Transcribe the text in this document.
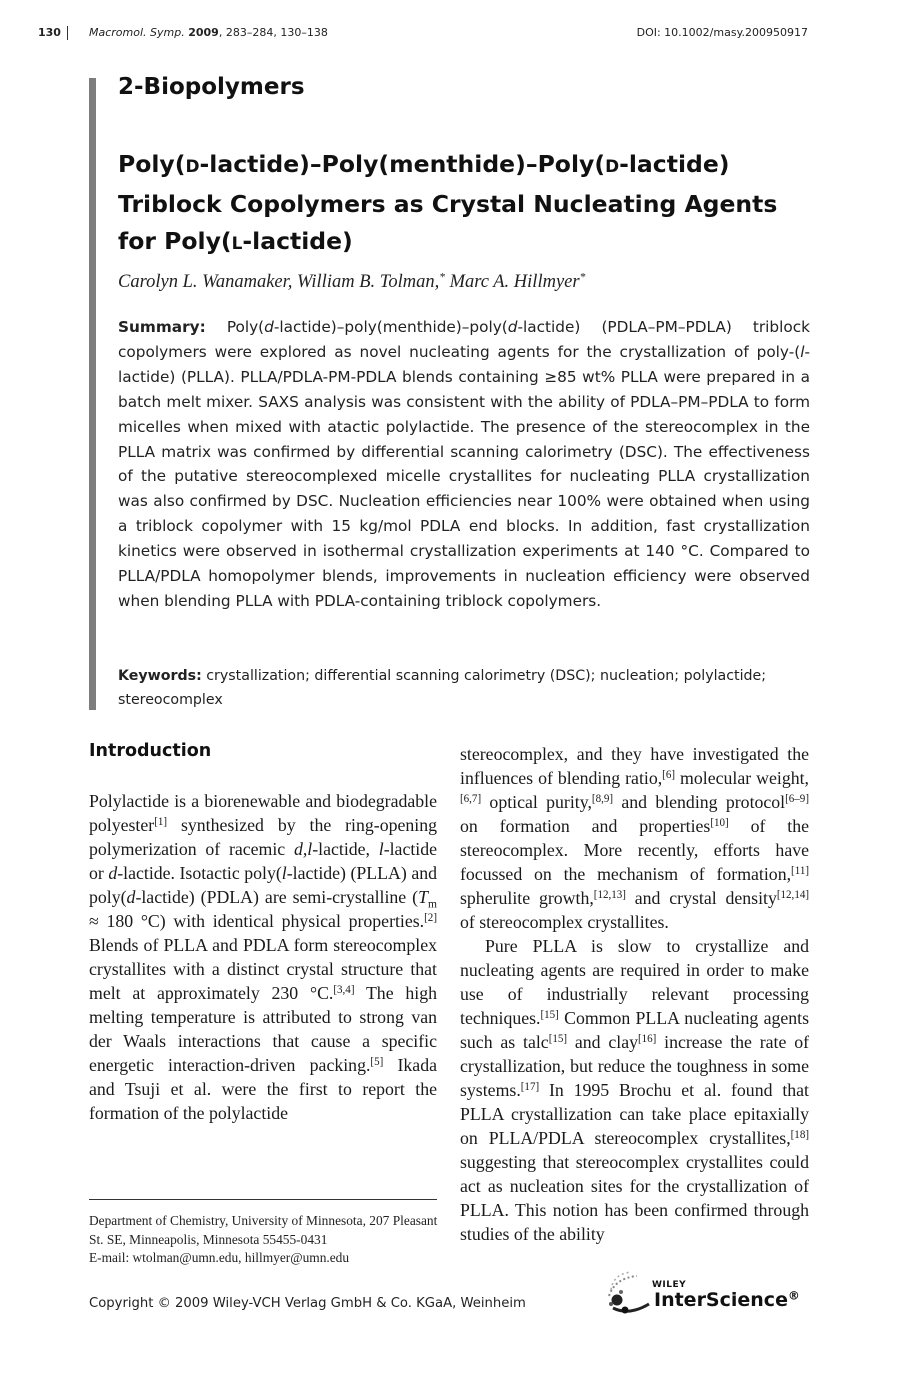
130	Macromol. Symp. 2009, 283–284, 130–138	DOI: 10.1002/masy.200950917
2-Biopolymers
Poly(D-lactide)–Poly(menthide)–Poly(D-lactide)
Triblock Copolymers as Crystal Nucleating Agents
for Poly(L-lactide)
Carolyn L. Wanamaker, William B. Tolman,* Marc A. Hillmyer*

Summary: Poly(d-lactide)–poly(menthide)–poly(d-lactide) (PDLA–PM–PDLA) triblock copolymers were explored as novel nucleating agents for the crystallization of poly-(l-lactide) (PLLA). PLLA/PDLA-PM-PDLA blends containing ≥85 wt% PLLA were prepared in a batch melt mixer. SAXS analysis was consistent with the ability of PDLA–PM–PDLA to form micelles when mixed with atactic polylactide. The presence of the stereocomplex in the PLLA matrix was confirmed by differential scanning calorimetry (DSC). The effectiveness of the putative stereocomplexed micelle crystallites for nucleating PLLA crystallization was also confirmed by DSC. Nucleation efficiencies near 100% were obtained when using a triblock copolymer with 15 kg/mol PDLA end blocks. In addition, fast crystallization kinetics were observed in isothermal crystallization experiments at 140 °C. Compared to PLLA/PDLA homopolymer blends, improvements in nucleation efficiency were observed when blending PLLA with PDLA-containing triblock copolymers.

Keywords: crystallization; differential scanning calorimetry (DSC); nucleation; polylactide; stereocomplex

Introduction

Polylactide is a biorenewable and biodegradable polyester[1] synthesized by the ring-opening polymerization of racemic d,l-lactide, l-lactide or d-lactide. Isotactic poly(l-lactide) (PLLA) and poly(d-lactide) (PDLA) are semi-crystalline ($T_m \approx 180$ °C) with identical physical properties.[2] Blends of PLLA and PDLA form stereocomplex crystallites with a distinct crystal structure that melt at approximately 230 °C.[3,4] The high melting temperature is attributed to strong van der Waals interactions that cause a specific energetic interaction-driven packing.[5] Ikada and Tsuji et al. were the first to report the formation of the polylactide

stereocomplex, and they have investigated the influences of blending ratio,[6] molecular weight,[6,7] optical purity,[8,9] and blending protocol[6–9] on formation and properties[10] of the stereocomplex. More recently, efforts have focussed on the mechanism of formation,[11] spherulite growth,[12,13] and crystal density[12,14] of stereocomplex crystallites.

Pure PLLA is slow to crystallize and nucleating agents are required in order to make use of industrially relevant processing techniques.[15] Common PLLA nucleating agents such as talc[15] and clay[16] increase the rate of crystallization, but reduce the toughness in some systems.[17] In 1995 Brochu et al. found that PLLA crystallization can take place epitaxially on PLLA/PDLA stereocomplex crystallites,[18] suggesting that stereocomplex crystallites could act as nucleation sites for the crystallization of PLLA. This notion has been confirmed through studies of the ability

Department of Chemistry, University of Minnesota, 207 Pleasant St. SE, Minneapolis, Minnesota 55455-0431
E-mail: wtolman@umn.edu, hillmyer@umn.edu
Copyright © 2009 Wiley-VCH Verlag GmbH & Co. KGaA, Weinheim
WILEY
InterScience®
